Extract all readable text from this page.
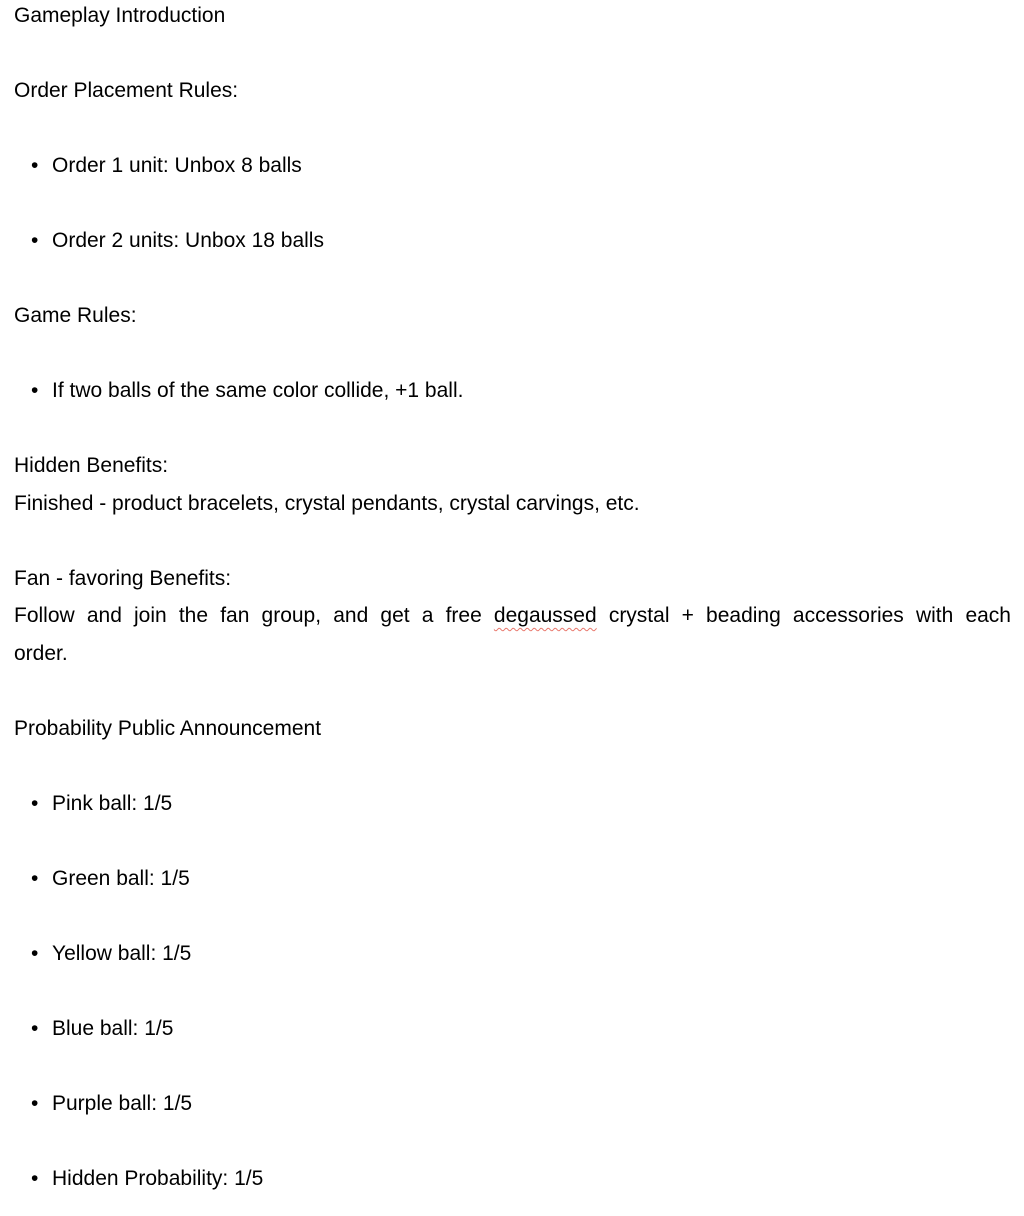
Gameplay Introduction
Order Placement Rules:
• Order 1 unit: Unbox 8 balls
• Order 2 units: Unbox 18 balls
Game Rules:
• If two balls of the same color collide, +1 ball.
Hidden Benefits:
Finished - product bracelets, crystal pendants, crystal carvings, etc.
Fan - favoring Benefits:
Follow and join the fan group, and get a free degaussed crystal + beading accessories with each
order.
Probability Public Announcement
• Pink ball: 1/5
• Green ball: 1/5
• Yellow ball: 1/5
• Blue ball: 1/5
• Purple ball: 1/5
• Hidden Probability: 1/5
